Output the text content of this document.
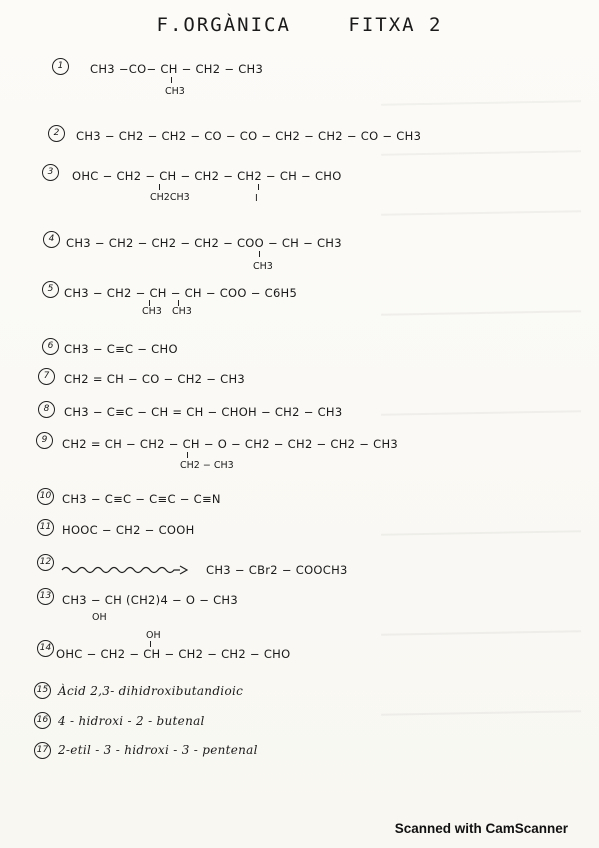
F.ORGÀNICA	FITXA 2
1	CH3 −CO− CH − CH2 − CH3
CH3
2	CH3 − CH2 − CH2 − CO − CO − CH2 − CH2 − CO − CH3
3	OHC − CH2 − CH − CH2 − CH2 − CH − CHO
CH2CH3	I
4	CH3 − CH2 − CH2 − CH2 − COO − CH − CH3
CH3
5 CH3 − CH2 − CH − CH − COO − C6H5
CH3 CH3
6 CH3 − C≡C − CHO
7	CH2 = CH − CO − CH2 − CH3
8	CH3 − C≡C − CH = CH − CHOH − CH2 − CH3
9	CH2 = CH − CH2 − CH − O − CH2 − CH2 − CH2 − CH3
CH2 − CH3
10 CH3 − C≡C − C≡C − C≡N
11 HOOC − CH2 − COOH
12
CH3 − CBr2 − COOCH3
13 CH3 − CH (CH2)4 − O − CH3
OH
14
OH
OHC − CH2 − CH − CH2 − CH2 − CHO
15 Àcid 2,3- dihidroxibutandioic
16 4 - hidroxi - 2 - butenal
17 2-etil - 3 - hidroxi - 3 - pentenal
Scanned with CamScanner
